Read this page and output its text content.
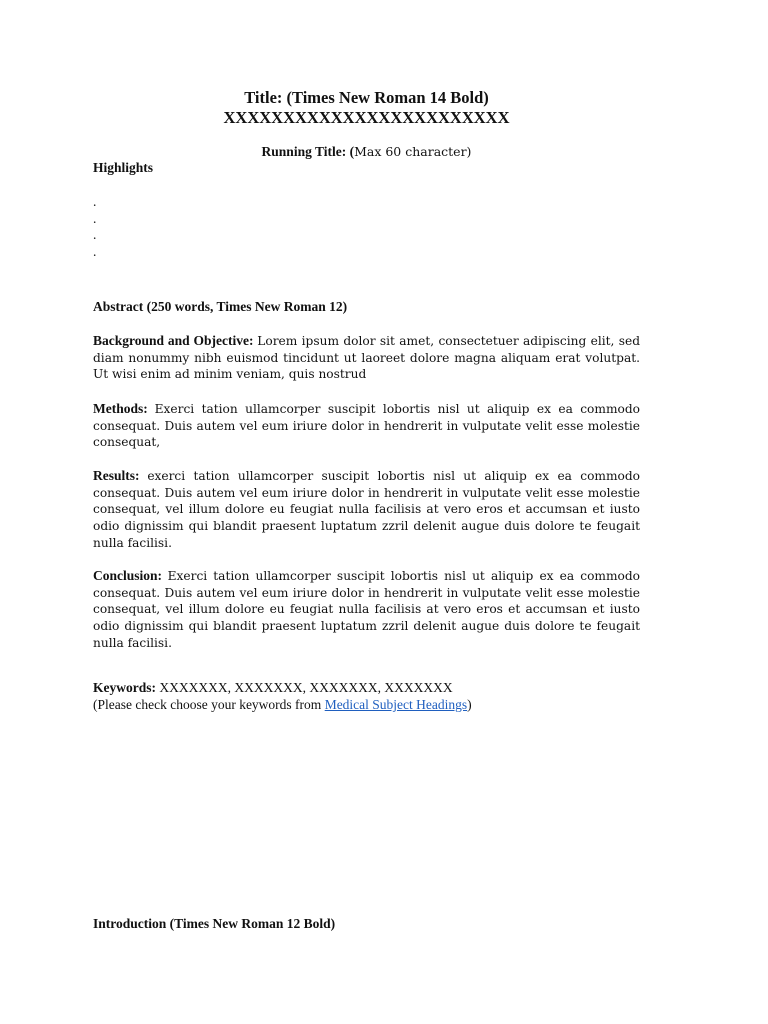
Title: (Times New Roman 14 Bold)
XXXXXXXXXXXXXXXXXXXXXXXX
Running Title: (Max 60 character)
Highlights
.
.
.
.
Abstract (250 words, Times New Roman 12)
Background and Objective: Lorem ipsum dolor sit amet, consectetuer adipiscing elit, sed diam nonummy nibh euismod tincidunt ut laoreet dolore magna aliquam erat volutpat. Ut wisi enim ad minim veniam, quis nostrud
Methods: Exerci tation ullamcorper suscipit lobortis nisl ut aliquip ex ea commodo consequat. Duis autem vel eum iriure dolor in hendrerit in vulputate velit esse molestie consequat,
Results: exerci tation ullamcorper suscipit lobortis nisl ut aliquip ex ea commodo consequat. Duis autem vel eum iriure dolor in hendrerit in vulputate velit esse molestie consequat, vel illum dolore eu feugiat nulla facilisis at vero eros et accumsan et iusto odio dignissim qui blandit praesent luptatum zzril delenit augue duis dolore te feugait nulla facilisi.
Conclusion: Exerci tation ullamcorper suscipit lobortis nisl ut aliquip ex ea commodo consequat. Duis autem vel eum iriure dolor in hendrerit in vulputate velit esse molestie consequat, vel illum dolore eu feugiat nulla facilisis at vero eros et accumsan et iusto odio dignissim qui blandit praesent luptatum zzril delenit augue duis dolore te feugait nulla facilisi.
Keywords: XXXXXXX, XXXXXXX, XXXXXXX, XXXXXXX
(Please check choose your keywords from Medical Subject Headings)
Introduction (Times New Roman 12 Bold)
